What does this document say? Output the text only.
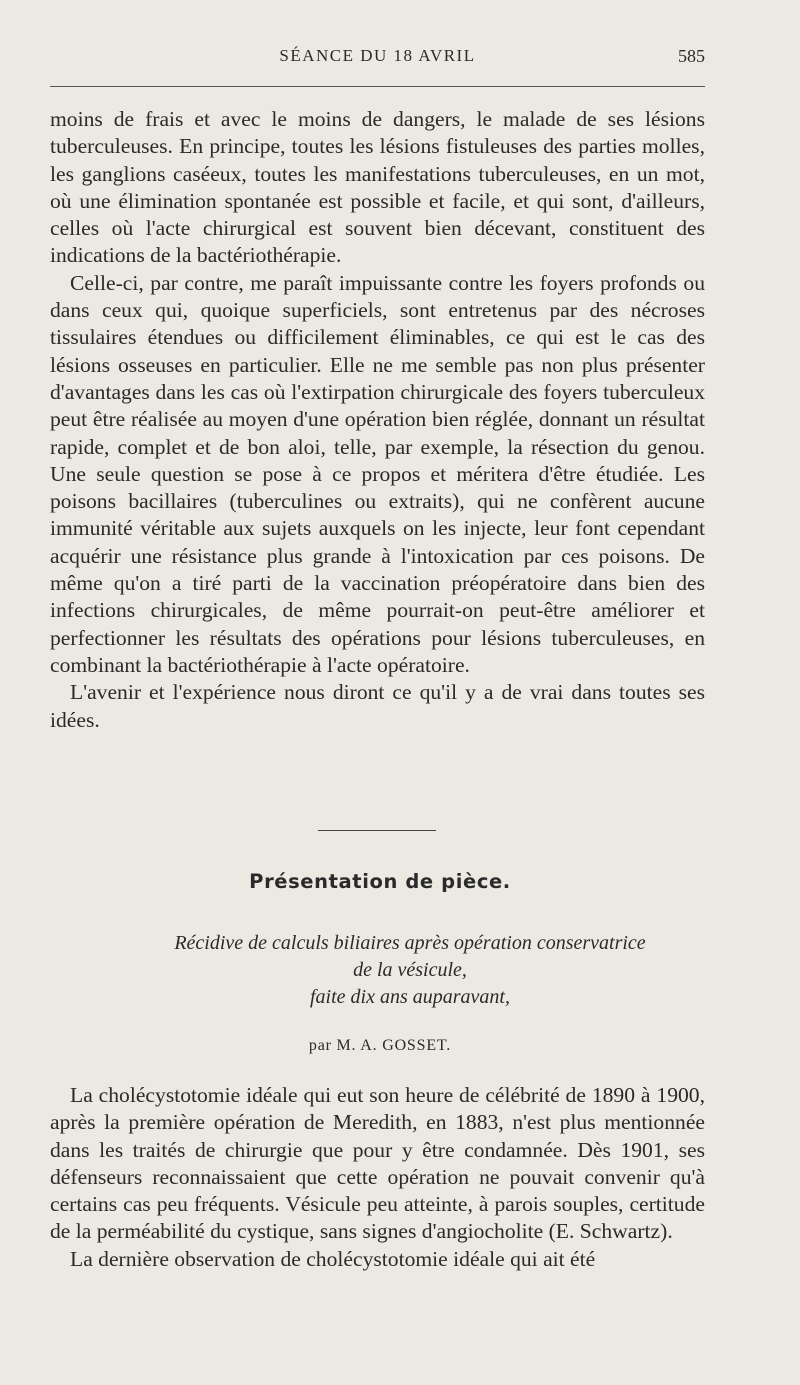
SÉANCE DU 18 AVRIL	585

moins de frais et avec le moins de dangers, le malade de ses lésions tuberculeuses. En principe, toutes les lésions fistuleuses des parties molles, les ganglions caséeux, toutes les manifestations tuberculeuses, en un mot, où une élimination spontanée est possible et facile, et qui sont, d'ailleurs, celles où l'acte chirurgical est souvent bien décevant, constituent des indications de la bactériothérapie.

Celle-ci, par contre, me paraît impuissante contre les foyers profonds ou dans ceux qui, quoique superficiels, sont entretenus par des nécroses tissulaires étendues ou difficilement éliminables, ce qui est le cas des lésions osseuses en particulier. Elle ne me semble pas non plus présenter d'avantages dans les cas où l'extirpation chirurgicale des foyers tuberculeux peut être réalisée au moyen d'une opération bien réglée, donnant un résultat rapide, complet et de bon aloi, telle, par exemple, la résection du genou. Une seule question se pose à ce propos et méritera d'être étudiée. Les poisons bacillaires (tuberculines ou extraits), qui ne confèrent aucune immunité véritable aux sujets auxquels on les injecte, leur font cependant acquérir une résistance plus grande à l'intoxication par ces poisons. De même qu'on a tiré parti de la vaccination préopératoire dans bien des infections chirurgicales, de même pourrait-on peut-être améliorer et perfectionner les résultats des opérations pour lésions tuberculeuses, en combinant la bactériothérapie à l'acte opératoire.

L'avenir et l'expérience nous diront ce qu'il y a de vrai dans toutes ses idées.

Présentation de pièce.
Récidive de calculs biliaires après opération conservatrice
de la vésicule,
faite dix ans auparavant,
par M. A. GOSSET.

La cholécystotomie idéale qui eut son heure de célébrité de 1890 à 1900, après la première opération de Meredith, en 1883, n'est plus mentionnée dans les traités de chirurgie que pour y être condamnée. Dès 1901, ses défenseurs reconnaissaient que cette opération ne pouvait convenir qu'à certains cas peu fréquents. Vésicule peu atteinte, à parois souples, certitude de la perméabilité du cystique, sans signes d'angiocholite (E. Schwartz).

La dernière observation de cholécystotomie idéale qui ait été
